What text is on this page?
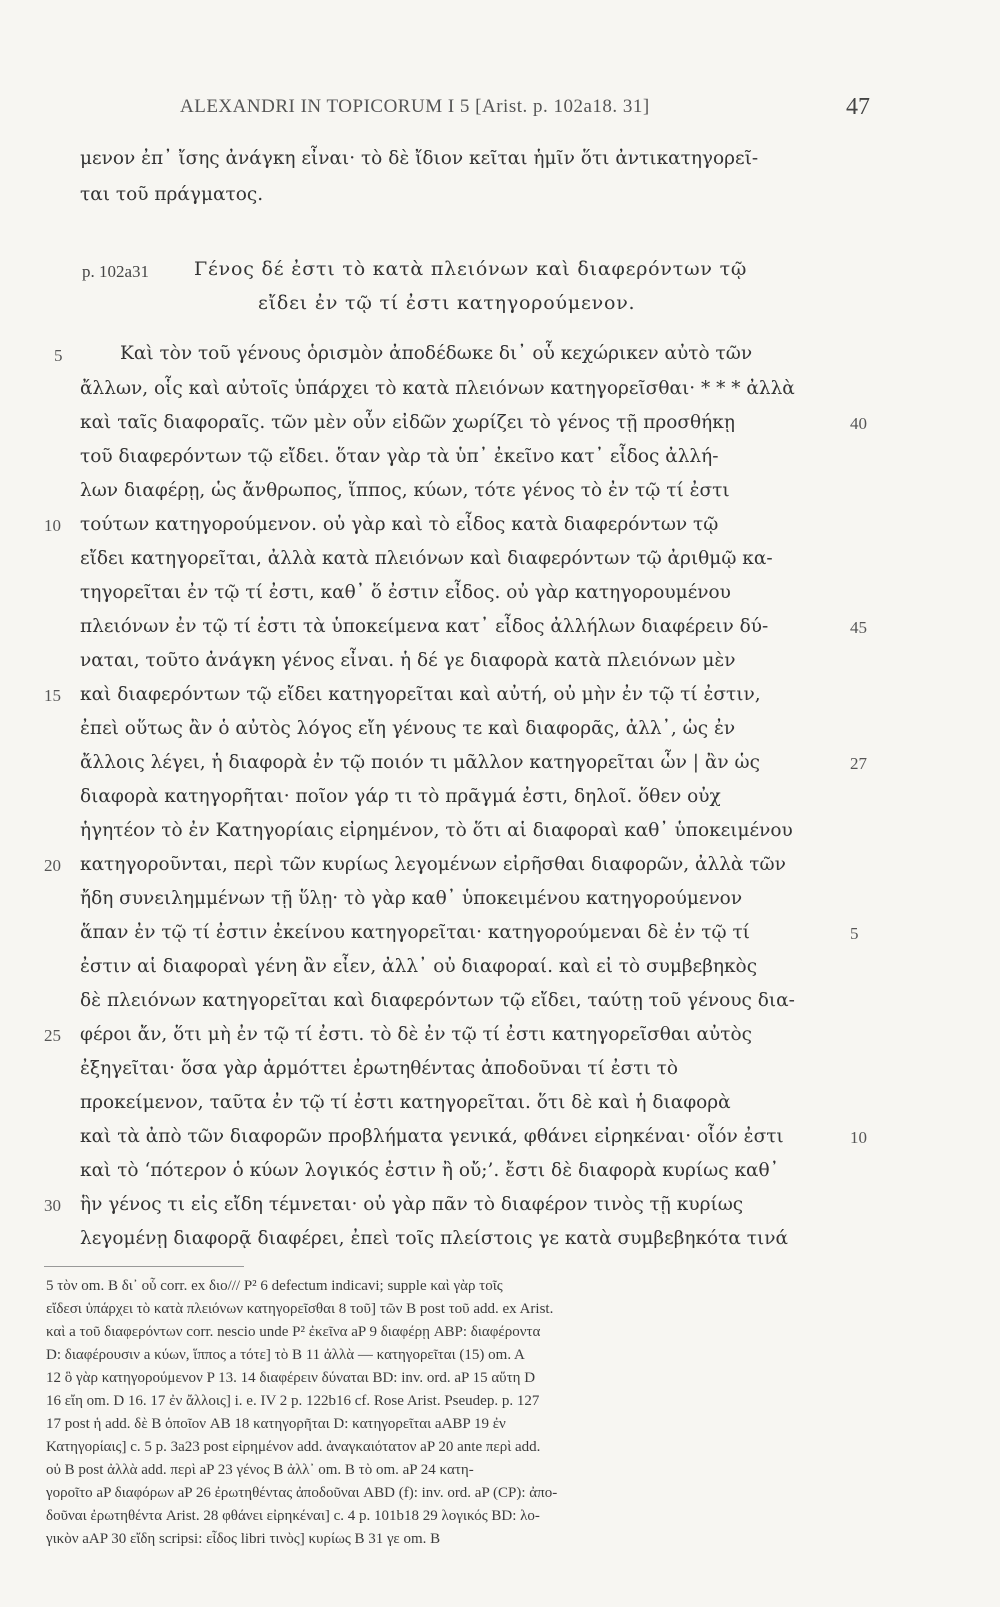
ALEXANDRI IN TOPICORUM I 5 [Arist. p. 102a18. 31]	47
μενον ἐπ᾽ ἴσης ἀνάγκη εἶναι· τὸ δὲ ἴδιον κεῖται ἡμῖν ὅτι ἀντικατηγορεῖ-
ται τοῦ πράγματος.
p. 102a31 Γένος δέ ἐστι τὸ κατὰ πλειόνων καὶ διαφερόντων τῷ
εἴδει ἐν τῷ τί ἐστι κατηγορούμενον.
Καὶ τὸν τοῦ γένους ὁρισμὸν ἀποδέδωκε δι᾽ οὗ κεχώρικεν αὐτὸ τῶν
ἄλλων, οἷς καὶ αὐτοῖς ὑπάρχει τὸ κατὰ πλειόνων κατηγορεῖσθαι· * * * ἀλλὰ
καὶ ταῖς διαφοραῖς. τῶν μὲν οὖν εἰδῶν χωρίζει τὸ γένος τῇ προσθήκῃ
τοῦ διαφερόντων τῷ εἴδει. ὅταν γὰρ τὰ ὑπ᾽ ἐκεῖνο κατ᾽ εἶδος ἀλλή-
λων διαφέρῃ, ὡς ἄνθρωπος, ἵππος, κύων, τότε γένος τὸ ἐν τῷ τί ἐστι
τούτων κατηγορούμενον. οὐ γὰρ καὶ τὸ εἶδος κατὰ διαφερόντων τῷ
εἴδει κατηγορεῖται, ἀλλὰ κατὰ πλειόνων καὶ διαφερόντων τῷ ἀριθμῷ κα-
τηγορεῖται ἐν τῷ τί ἐστι, καθ᾽ ὅ ἐστιν εἶδος. οὐ γὰρ κατηγορουμένου
πλειόνων ἐν τῷ τί ἐστι τὰ ὑποκείμενα κατ᾽ εἶδος ἀλλήλων διαφέρειν δύ-
ναται, τοῦτο ἀνάγκη γένος εἶναι. ἡ δέ γε διαφορὰ κατὰ πλειόνων μὲν
καὶ διαφερόντων τῷ εἴδει κατηγορεῖται καὶ αὐτή, οὐ μὴν ἐν τῷ τί ἐστιν,
ἐπεὶ οὕτως ἂν ὁ αὐτὸς λόγος εἴη γένους τε καὶ διαφορᾶς, ἀλλ᾽, ὡς ἐν
ἄλλοις λέγει, ἡ διαφορὰ ἐν τῷ ποιόν τι μᾶλλον κατηγορεῖται ὧν | ἂν ὡς
διαφορὰ κατηγορῆται· ποῖον γάρ τι τὸ πρᾶγμά ἐστι, δηλοῖ. ὅθεν οὐχ
ἡγητέον τὸ ἐν Κατηγορίαις εἰρημένον, τὸ ὅτι αἱ διαφοραὶ καθ᾽ ὑποκειμένου
κατηγοροῦνται, περὶ τῶν κυρίως λεγομένων εἰρῆσθαι διαφορῶν, ἀλλὰ τῶν
ἤδη συνειλημμένων τῇ ὕλῃ· τὸ γὰρ καθ᾽ ὑποκειμένου κατηγορούμενον
ἅπαν ἐν τῷ τί ἐστιν ἐκείνου κατηγορεῖται· κατηγορούμεναι δὲ ἐν τῷ τί
ἐστιν αἱ διαφοραὶ γένη ἂν εἶεν, ἀλλ᾽ οὐ διαφοραί. καὶ εἰ τὸ συμβεβηκὸς
δὲ πλειόνων κατηγορεῖται καὶ διαφερόντων τῷ εἴδει, ταύτῃ τοῦ γένους δια-
φέροι ἄν, ὅτι μὴ ἐν τῷ τί ἐστι. τὸ δὲ ἐν τῷ τί ἐστι κατηγορεῖσθαι αὐτὸς
ἐξηγεῖται· ὅσα γὰρ ἁρμόττει ἐρωτηθέντας ἀποδοῦναι τί ἐστι τὸ
προκείμενον, ταῦτα ἐν τῷ τί ἐστι κατηγορεῖται. ὅτι δὲ καὶ ἡ διαφορὰ
καὶ τὰ ἀπὸ τῶν διαφορῶν προβλήματα γενικά, φθάνει εἰρηκέναι· οἷόν ἐστι
καὶ τὸ ‘πότερον ὁ κύων λογικός ἐστιν ἢ οὔ;’. ἔστι δὲ διαφορὰ κυρίως καθ᾽
ἣν γένος τι εἰς εἴδη τέμνεται· οὐ γὰρ πᾶν τὸ διαφέρον τινὸς τῇ κυρίως
λεγομένῃ διαφορᾷ διαφέρει, ἐπεὶ τοῖς πλείστοις γε κατὰ συμβεβηκότα τινά
5
10
15
20
25
30
40
45
27
5
10
5 τὸν om. B δι᾽ οὗ corr. ex διο/// P² 6 defectum indicavi; supple καὶ γὰρ τοῖς
εἴδεσι ὑπάρχει τὸ κατὰ πλειόνων κατηγορεῖσθαι 8 τοῦ] τῶν B post τοῦ add. ex Arist.
καὶ a τοῦ διαφερόντων corr. nescio unde P² ἐκεῖνα aP 9 διαφέρῃ ABP: διαφέροντα
D: διαφέρουσιν a κύων, ἵππος a τότε] τὸ B 11 ἀλλὰ — κατηγορεῖται (15) om. A
12 ὃ γὰρ κατηγορούμενον P 13. 14 διαφέρειν δύναται BD: inv. ord. aP 15 αὕτη D
16 εἴη om. D 16. 17 ἐν ἄλλοις] i. e. IV 2 p. 122b16 cf. Rose Arist. Pseudep. p. 127
17 post ἡ add. δὲ B ὁποῖον AB 18 κατηγορῆται D: κατηγορεῖται aABP 19 ἐν
Κατηγορίαις] c. 5 p. 3a23 post εἰρημένον add. ἀναγκαιότατον aP 20 ante περὶ add.
οὐ B post ἀλλὰ add. περὶ aP 23 γένος B ἀλλ᾽ om. B τὸ om. aP 24 κατη-
γοροῖτο aP διαφόρων aP 26 ἐρωτηθέντας ἀποδοῦναι ABD (f): inv. ord. aP (CP): ἀπο-
δοῦναι ἐρωτηθέντα Arist. 28 φθάνει εἰρηκέναι] c. 4 p. 101b18 29 λογικός BD: λο-
γικὸν aAP 30 εἴδη scripsi: εἶδος libri τινὸς] κυρίως B 31 γε om. B
